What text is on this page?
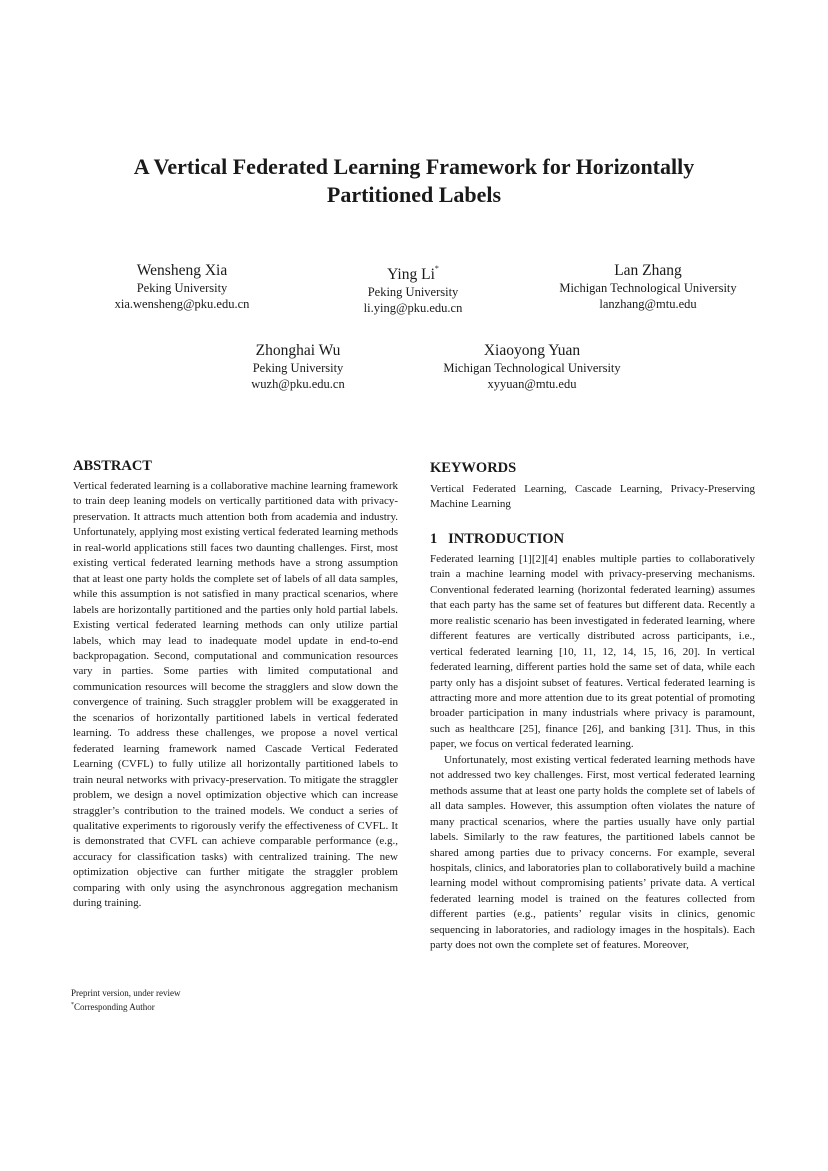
A Vertical Federated Learning Framework for Horizontally
Partitioned Labels
Wensheng Xia
Peking University
xia.wensheng@pku.edu.cn
Ying Li*
Peking University
li.ying@pku.edu.cn
Lan Zhang
Michigan Technological University
lanzhang@mtu.edu
Zhonghai Wu
Peking University
wuzh@pku.edu.cn
Xiaoyong Yuan
Michigan Technological University
xyyuan@mtu.edu
ABSTRACT

Vertical federated learning is a collaborative machine learning framework to train deep leaning models on vertically partitioned data with privacy-preservation. It attracts much attention both from academia and industry. Unfortunately, applying most existing vertical federated learning methods in real-world applications still faces two daunting challenges. First, most existing vertical federated learning methods have a strong assumption that at least one party holds the complete set of labels of all data samples, while this assumption is not satisfied in many practical scenarios, where labels are horizontally partitioned and the parties only hold partial labels. Existing vertical federated learning methods can only utilize partial labels, which may lead to inadequate model update in end-to-end backpropagation. Second, computational and communication resources vary in parties. Some parties with limited computational and communication resources will become the stragglers and slow down the convergence of training. Such straggler problem will be exaggerated in the scenarios of horizontally partitioned labels in vertical federated learning. To address these challenges, we propose a novel vertical federated learning framework named Cascade Vertical Federated Learning (CVFL) to fully utilize all horizontally partitioned labels to train neural networks with privacy-preservation. To mitigate the straggler problem, we design a novel optimization objective which can increase straggler’s contribution to the trained models. We conduct a series of qualitative experiments to rigorously verify the effectiveness of CVFL. It is demonstrated that CVFL can achieve comparable performance (e.g., accuracy for classification tasks) with centralized training. The new optimization objective can further mitigate the straggler problem comparing with only using the asynchronous aggregation mechanism during training.

Preprint version, under review
*Corresponding Author
KEYWORDS

Vertical Federated Learning, Cascade Learning, Privacy-Preserving Machine Learning

1 INTRODUCTION

Federated learning [1][2][4] enables multiple parties to collaboratively train a machine learning model with privacy-preserving mechanisms. Conventional federated learning (horizontal federated learning) assumes that each party has the same set of features but different data. Recently a more realistic scenario has been investigated in federated learning, where different features are vertically distributed across participants, i.e., vertical federated learning [10, 11, 12, 14, 15, 16, 20]. In vertical federated learning, different parties hold the same set of data, while each party only has a disjoint subset of features. Vertical federated learning is attracting more and more attention due to its great potential of promoting broader participation in many industrials where privacy is paramount, such as healthcare [25], finance [26], and banking [31]. Thus, in this paper, we focus on vertical federated learning.

Unfortunately, most existing vertical federated learning methods have not addressed two key challenges. First, most vertical federated learning methods assume that at least one party holds the complete set of labels of all data samples. However, this assumption often violates the nature of many practical scenarios, where the parties usually have only partial labels. Similarly to the raw features, the partitioned labels cannot be shared among parties due to privacy concerns. For example, several hospitals, clinics, and laboratories plan to collaboratively build a machine learning model without compromising patients’ private data. A vertical federated learning model is trained on the features collected from different parties (e.g., patients’ regular visits in clinics, genomic sequencing in laboratories, and radiology images in the hospitals). Each party does not own the complete set of features. Moreover,
